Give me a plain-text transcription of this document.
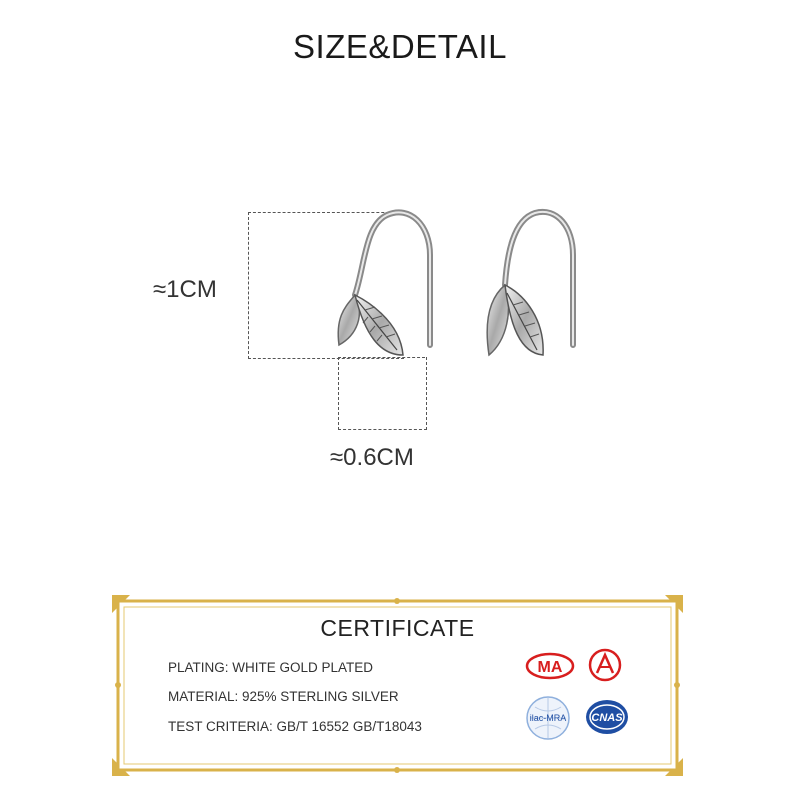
SIZE&DETAIL
≈1CM
≈0.6CM
CERTIFICATE
PLATING: WHITE GOLD PLATED
MATERIAL: 925% STERLING SILVER
TEST CRITERIA: GB/T 16552 GB/T18043
MA
ilac-MRA CNAS
